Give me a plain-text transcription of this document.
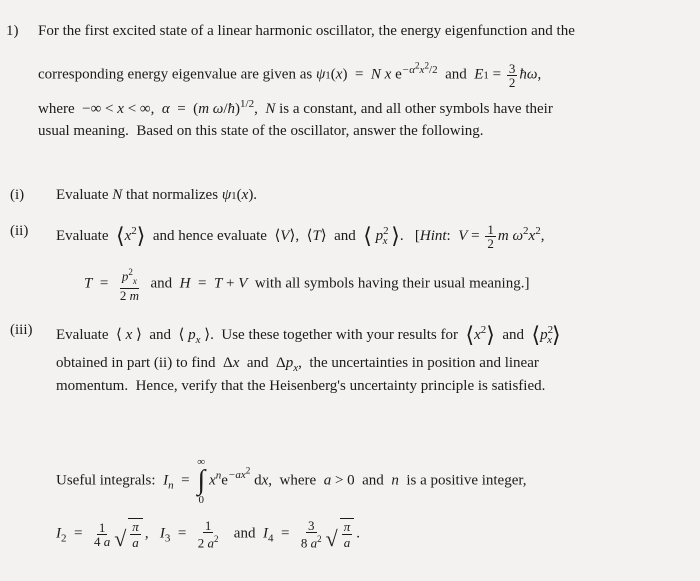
1) For the first excited state of a linear harmonic oscillator, the energy eigenfunction and the
corresponding energy eigenvalue are given as ψ1(x)  =  N x $e^{-\alpha^2x^2/2}$  and  $E1 = \frac{3}{2}$ ħω,
where  −∞ < x < ∞,  α  =  (m ω/ħ)$^{1/2}$,  N is a constant, and all other symbols have their
usual meaning.  Based on this state of the oscillator, answer the following.
(i) Evaluate N that normalizes ψ1(x).
(ii) Evaluate  $⟨x^2⟩$  and hence evaluate  ⟨V⟩,  ⟨T⟩  and  ⟨ $p^2_x$ ⟩.   [Hint:  $V = \frac{1}{2}$ m $\omega^2x^2$,
$T = \frac{p^2_x}{2 m}$ and  H  =  T + V  with all symbols having their usual meaning.]
(iii) Evaluate  ⟨ x ⟩  and  ⟨ $p_x$ ⟩.  Use these together with your results for  $⟨x^2⟩$  and  $⟨p^2_x⟩$
obtained in part (ii) to find  Δx  and  $\Delta p_x$,  the uncertainties in position and linear
momentum.  Hence, verify that the Heisenberg's uncertainty principle is satisfied.
Useful integrals:  $I_n$  =
∞
∫
0
$x^ne^{-ax^2}$ dx,  where  a > 0  and  n  is a positive integer,
$I_2 = \frac{1}{4 a}$ √ $\frac{\pi}{a}$ ,   $I_3 = \frac{1}{2 a^2}$ and  $I_4 = \frac{3}{8 a^2}$ √ $\frac{\pi}{a}$ .
